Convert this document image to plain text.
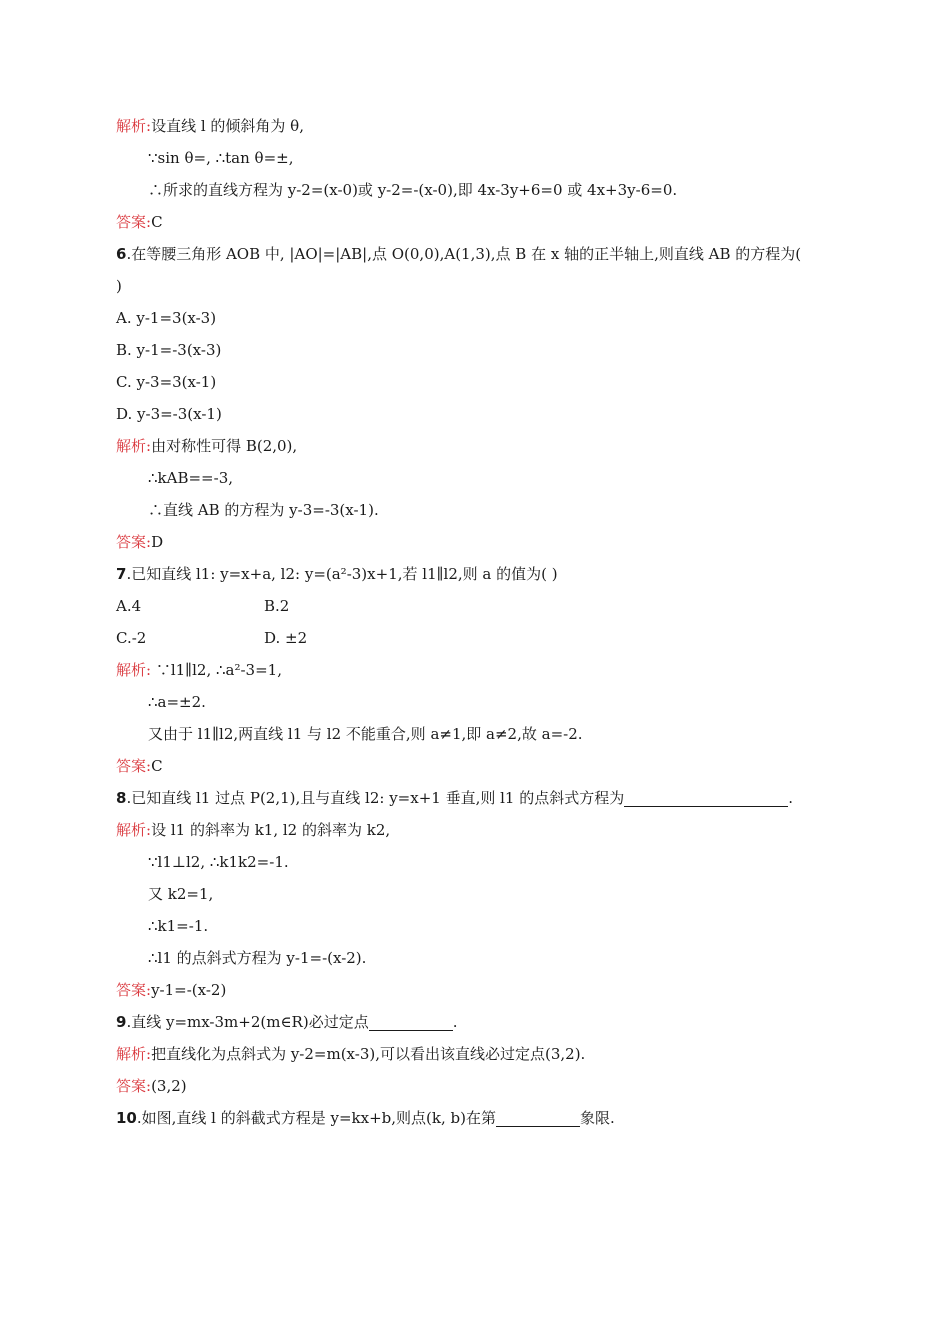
解析:设直线 l 的倾斜角为 θ,
∵sin θ=, ∴tan θ=±,
∴所求的直线方程为 y-2=(x-0)或 y-2=-(x-0),即 4x-3y+6=0 或 4x+3y-6=0.
答案:C
6.在等腰三角形 AOB 中, |AO|=|AB|,点 O(0,0),A(1,3),点 B 在 x 轴的正半轴上,则直线 AB 的方程为(
)
A. y-1=3(x-3)
B. y-1=-3(x-3)
C. y-3=3(x-1)
D. y-3=-3(x-1)
解析:由对称性可得 B(2,0),
∴kAB==-3,
∴直线 AB 的方程为 y-3=-3(x-1).
答案:D
7.已知直线 l1: y=x+a, l2: y=(a²-3)x+1,若 l1∥l2,则 a 的值为( )
A.4	B.2
C.-2	D. ±2
解析: ∵l1∥l2, ∴a²-3=1,
∴a=±2.
又由于 l1∥l2,两直线 l1 与 l2 不能重合,则 a≠1,即 a≠2,故 a=-2.
答案:C
8.已知直线 l1 过点 P(2,1),且与直线 l2: y=x+1 垂直,则 l1 的点斜式方程为	.
解析:设 l1 的斜率为 k1, l2 的斜率为 k2,
∵l1⊥l2, ∴k1k2=-1.
又 k2=1,
∴k1=-1.
∴l1 的点斜式方程为 y-1=-(x-2).
答案:y-1=-(x-2)
9.直线 y=mx-3m+2(m∈R)必过定点	.
解析:把直线化为点斜式为 y-2=m(x-3),可以看出该直线必过定点(3,2).
答案:(3,2)
10.如图,直线 l 的斜截式方程是 y=kx+b,则点(k, b)在第	象限.
